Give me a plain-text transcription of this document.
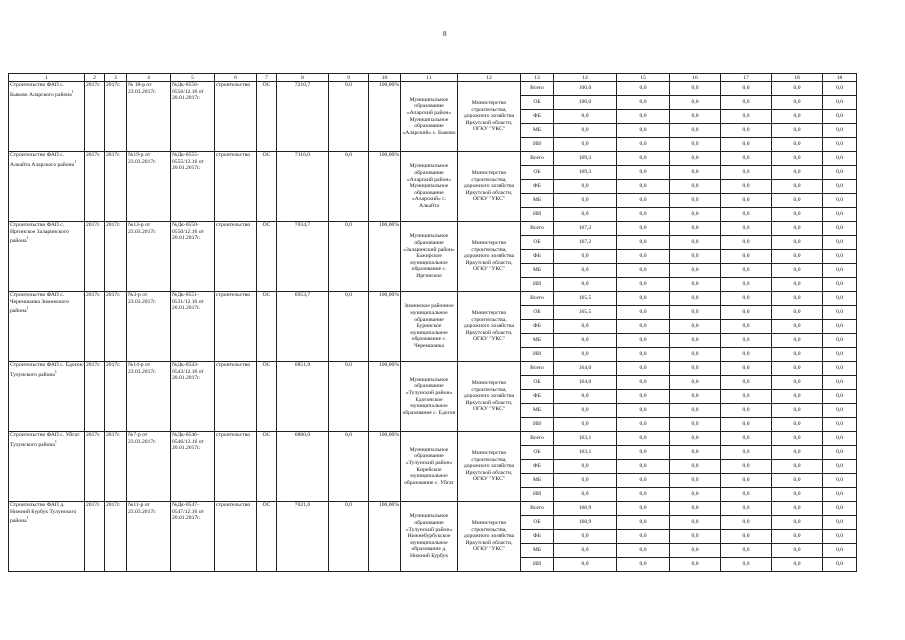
8
1	2	3	4	5	6	7	8	9	10	11	12	13	14	15	16	17	18	18
Строительство ФАП с. Быково Аларского района$^1$	2017г.	2017г.	№ 18-р от 23.03.2017г.	№Дк-0556-0556/12.16 от 20.01.2017г.	строительство	ОС	7210,7	0,0	100,00%	Муниципальное образование «Аларский район» Муниципальное образование «Аларский» с. Быково	Министерство строительства, дорожного хозяйства Иркутской области, ОГКУ "УКС"	Всего	100,0	0,0	0,0	0,0	0,0	0,0
												ОБ	100,0	0,0	0,0	0,0	0,0	0,0
												ФБ	0,0	0,0	0,0	0,0	0,0	0,0
												МБ	0,0	0,0	0,0	0,0	0,0	0,0
												ИИ	0,0	0,0	0,0	0,0	0,0	0,0
Строительство ФАП с. Алкайта Аларского района$^1$	2017г.	2017г.	№19-р от 23.03.2017г.	№Дк-0555-0555/12.16 от 20.01.2017г.	строительство	ОС	7116,0	0,0	100,00%	Муниципальное образование «Аларский район» Муниципальное образование «Аларский» с. Алкайта	Министерство строительства, дорожного хозяйства Иркутской области, ОГКУ "УКС"	Всего	169,3	0,0	0,0	0,0	0,0	0,0
												ОБ	169,3	0,0	0,0	0,0	0,0	0,0
												ФБ	0,0	0,0	0,0	0,0	0,0	0,0
												МБ	0,0	0,0	0,0	0,0	0,0	0,0
												ИИ	0,0	0,0	0,0	0,0	0,0	0,0
Строительство ФАП с. Иргинское Заларинского района$^1$	2017г.	2017г.	№13-р от 23.03.2017г.	№Дк-0550-0550/12.16 от 20.01.2017г.	строительство	ОС	7034,7	0,0	100,00%	Муниципальное образование «Заларинский район» Бажирское муниципальное образование с. Иргинское	Министерство строительства, дорожного хозяйства Иркутской области, ОГКУ "УКС"	Всего	167,2	0,0	0,0	0,0	0,0	0,0
												ОБ	167,2	0,0	0,0	0,0	0,0	0,0
												ФБ	0,0	0,0	0,0	0,0	0,0	0,0
												МБ	0,0	0,0	0,0	0,0	0,0	0,0
												ИИ	0,0	0,0	0,0	0,0	0,0	0,0
Строительство ФАП с. Черемшанка Зиминского района$^1$	2017г.	2017г.	№3-р от 23.03.2017г.	№Дк-0551-0531/12.16 от 20.01.2017г.	строительство	ОС	6953,7	0,0	100,00%	Зиминское районное муниципальное образование Буринское муниципальное образование с. Черемшанка	Министерство строительства, дорожного хозяйства Иркутской области, ОГКУ "УКС"	Всего	165,5	0,0	0,0	0,0	0,0	0,0
												ОБ	165,5	0,0	0,0	0,0	0,0	0,0
												ФБ	0,0	0,0	0,0	0,0	0,0	0,0
												МБ	0,0	0,0	0,0	0,0	0,0	0,0
												ИИ	0,0	0,0	0,0	0,0	0,0	0,0
Строительство ФАП с. Едогон Тулунского района$^1$	2017г.	2017г.	№14-р от 23.03.2017г.	№Дк-0543-0543/12.16 от 20.01.2017г.	строительство	ОС	6851,9	0,0	100,00%	Муниципальное образование «Тулунский район» Едогонское муниципальное образование с. Едогон	Министерство строительства, дорожного хозяйства Иркутской области, ОГКУ "УКС"	Всего	164,0	0,0	0,0	0,0	0,0	0,0
												ОБ	164,0	0,0	0,0	0,0	0,0	0,0
												ФБ	0,0	0,0	0,0	0,0	0,0	0,0
												МБ	0,0	0,0	0,0	0,0	0,0	0,0
												ИИ	0,0	0,0	0,0	0,0	0,0	0,0
Строительство ФАП с. Уйгат Тулунского района$^1$	2017г.	2017г.	№7-р от 23.03.2017г.	№Дк-0546-0546/12.16 от 20.01.2017г.	строительство	ОС	6860,0	0,0	100,00%	Муниципальное образование «Тулунский район» Кирейское муниципальное образование с. Уйгат	Министерство строительства, дорожного хозяйства Иркутской области, ОГКУ "УКС"	Всего	163,1	0,0	0,0	0,0	0,0	0,0
												ОБ	163,1	0,0	0,0	0,0	0,0	0,0
												ФБ	0,0	0,0	0,0	0,0	0,0	0,0
												МБ	0,0	0,0	0,0	0,0	0,0	0,0
												ИИ	0,0	0,0	0,0	0,0	0,0	0,0
Строительство ФАП д. Нижний Бурбук Тулунского района$^1$	2017г.	2017г.	№11-р от 23.03.2017г.	№Дк-0547-0547/12.16 от 20.01.2017г.	строительство	ОС	7021,0	0,0	100,00%	Муниципальное образование «Тулунский район» Нижнебурбукское муниципальное образование д. Нижний Бурбук	Министерство строительства, дорожного хозяйства Иркутской области, ОГКУ "УКС"	Всего	168,9	0,0	0,0	0,0	0,0	0,0
												ОБ	168,9	0,0	0,0	0,0	0,0	0,0
												ФБ	0,0	0,0	0,0	0,0	0,0	0,0
												МБ	0,0	0,0	0,0	0,0	0,0	0,0
												ИИ	0,0	0,0	0,0	0,0	0,0	0,0
